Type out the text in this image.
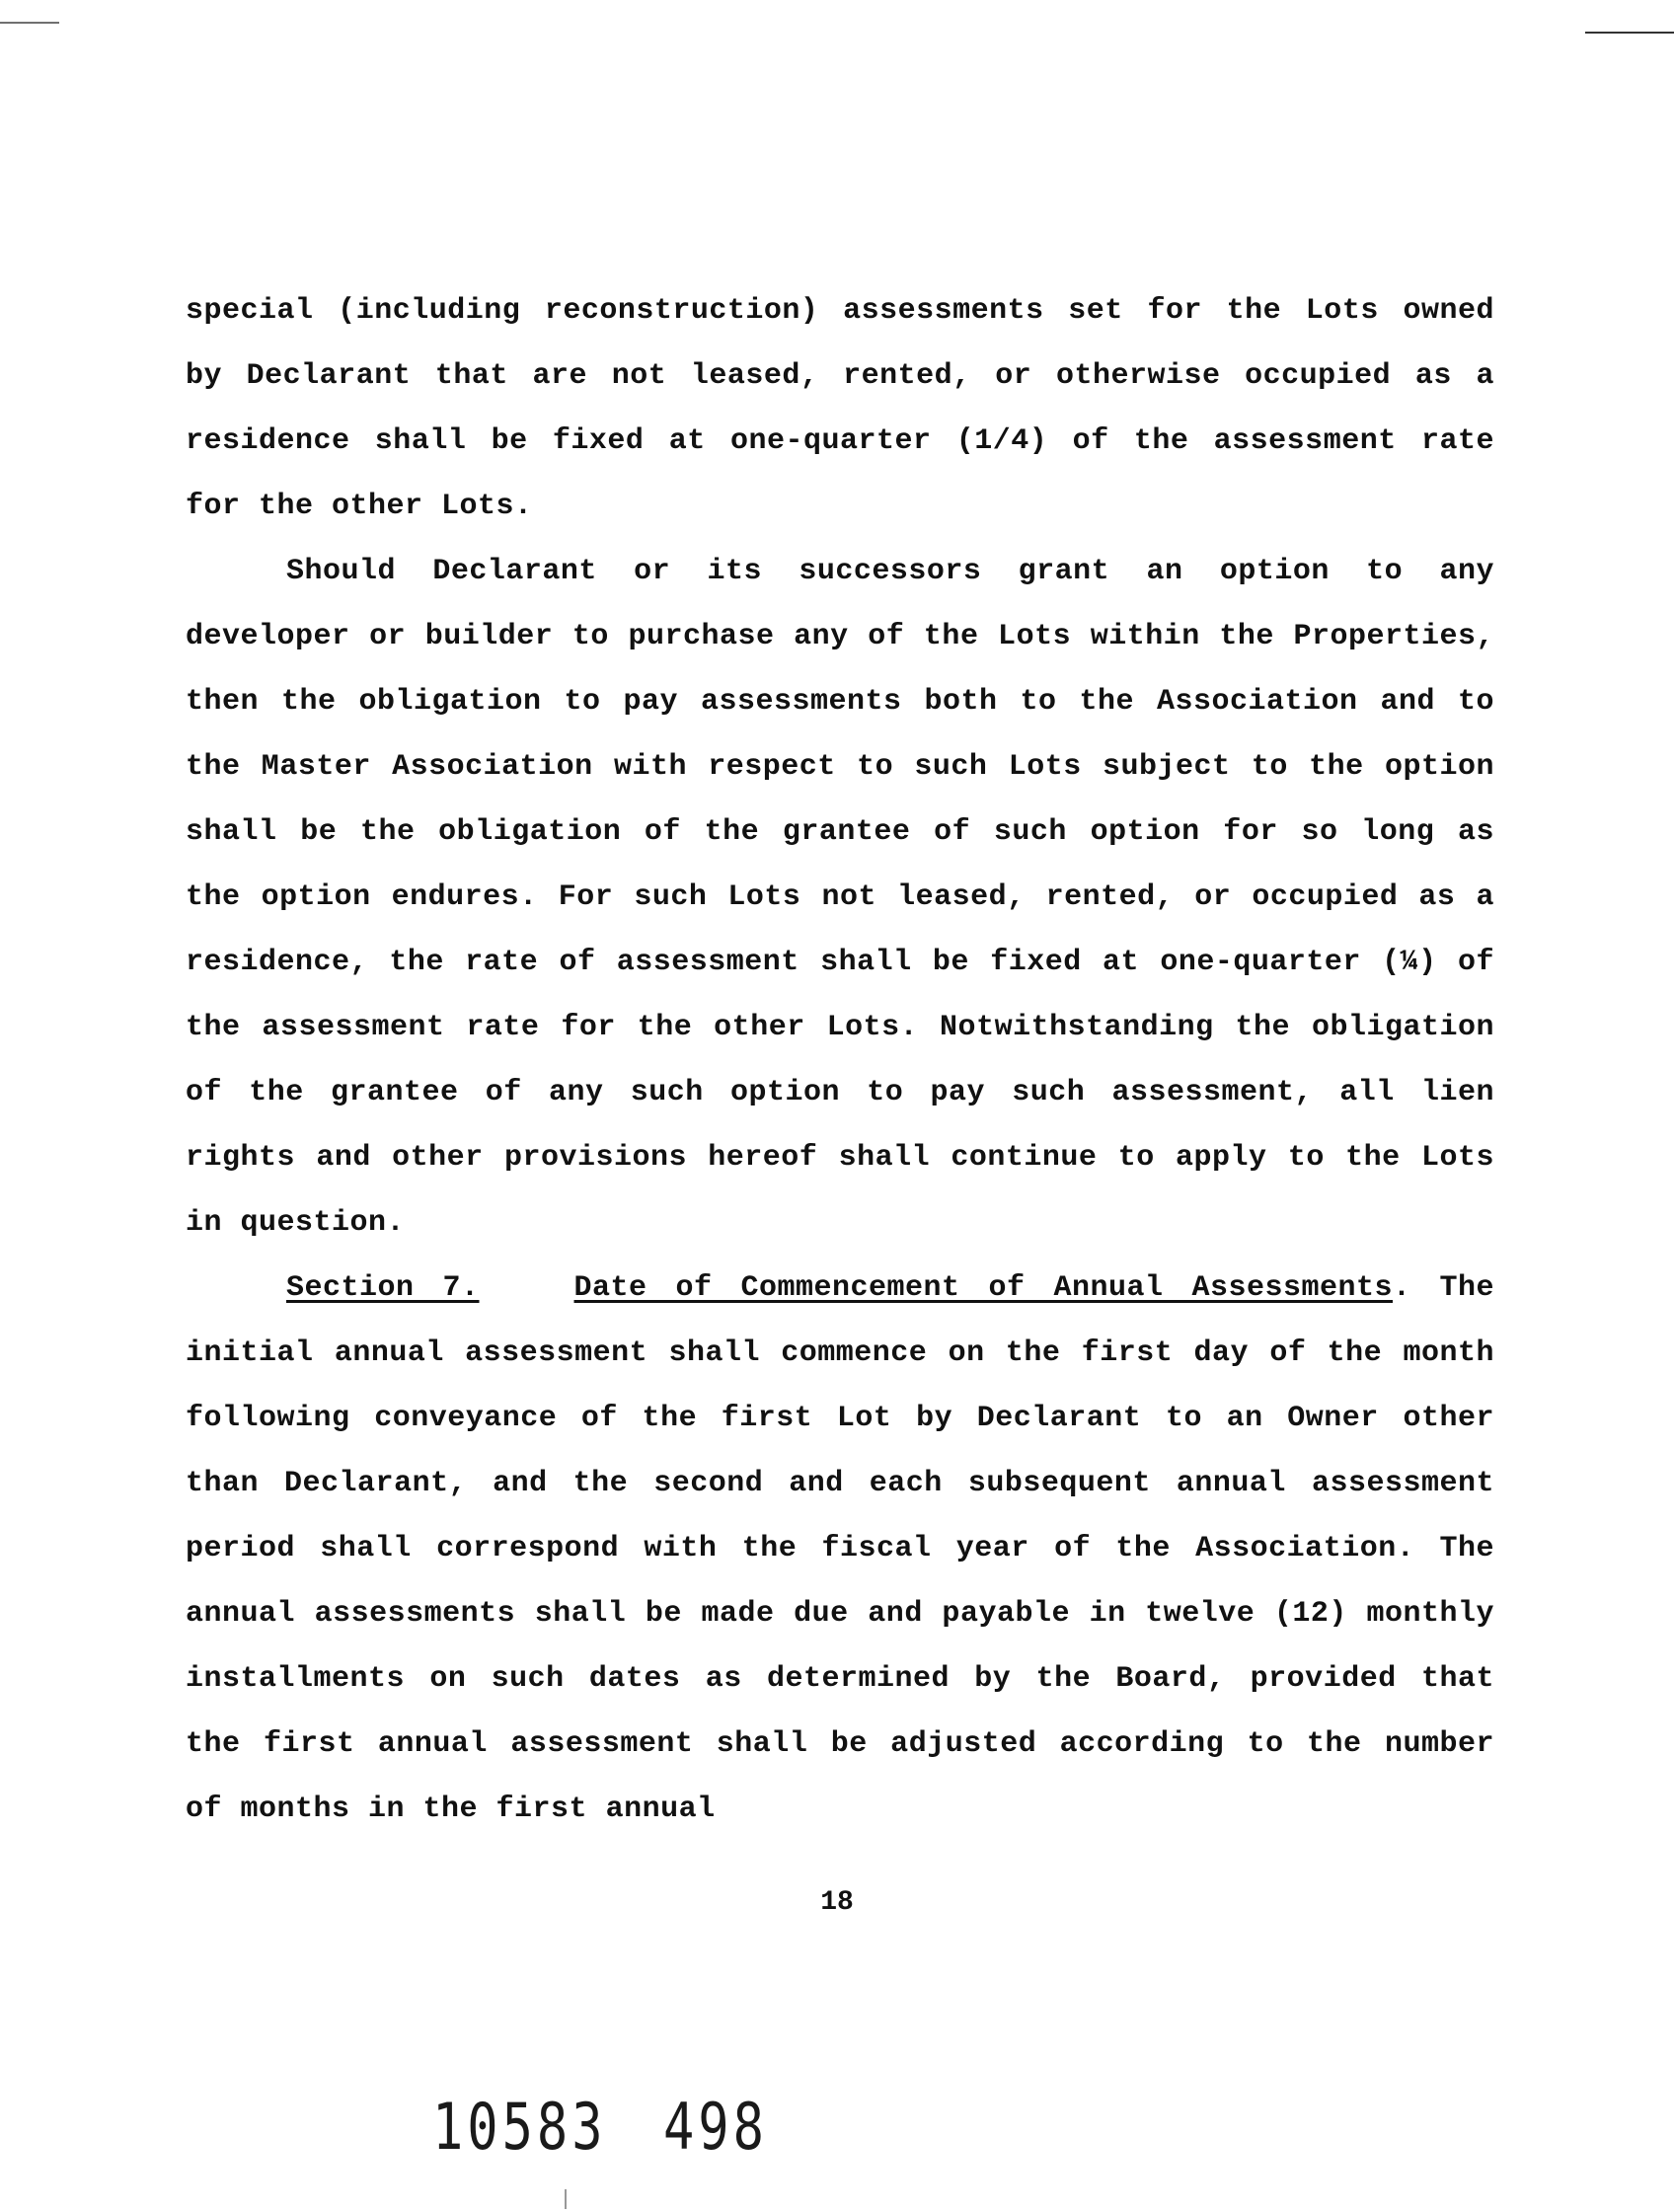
special (including reconstruction) assessments set for the Lots owned by Declarant that are not leased, rented, or otherwise occupied as a residence shall be fixed at one-quarter (1/4) of the assessment rate for the other Lots.

Should Declarant or its successors grant an option to any developer or builder to purchase any of the Lots within the Properties, then the obligation to pay assessments both to the Association and to the Master Association with respect to such Lots subject to the option shall be the obligation of the grantee of such option for so long as the option endures. For such Lots not leased, rented, or occupied as a residence, the rate of assessment shall be fixed at one-quarter (¼) of the assessment rate for the other Lots. Notwithstanding the obligation of the grantee of any such option to pay such assessment, all lien rights and other provisions hereof shall continue to apply to the Lots in question.

Section 7.	Date of Commencement of Annual Assessments. The initial annual assessment shall commence on the first day of the month following conveyance of the first Lot by Declarant to an Owner other than Declarant, and the second and each subsequent annual assessment period shall correspond with the fiscal year of the Association. The annual assessments shall be made due and payable in twelve (12) monthly installments on such dates as determined by the Board, provided that the first annual assessment shall be adjusted according to the number of months in the first annual

18
10583 498
